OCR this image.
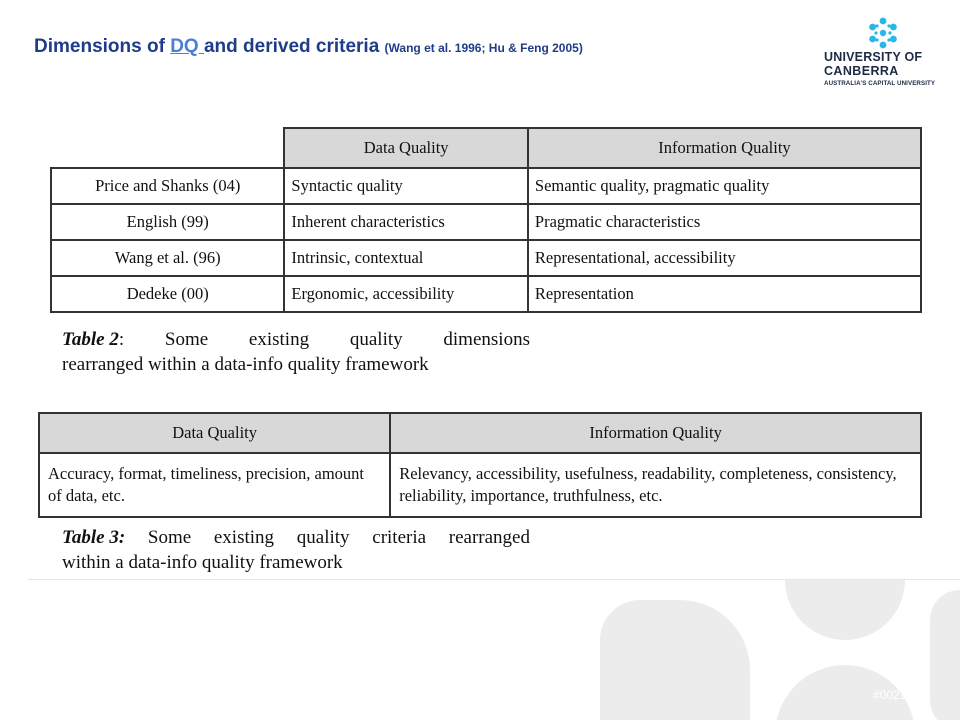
Dimensions of DQ and derived criteria (Wang et al. 1996; Hu & Feng 2005)
UNIVERSITY OF
CANBERRA
AUSTRALIA'S CAPITAL UNIVERSITY
	Data Quality	Information Quality
Price and Shanks (04)	Syntactic quality	Semantic quality, pragmatic quality
English (99)	Inherent characteristics	Pragmatic characteristics
Wang et al. (96)	Intrinsic, contextual	Representational, accessibility
Dedeke (00)	Ergonomic, accessibility	Representation
Table 2: Some existing quality dimensions
rearranged within a data-info quality framework
Data Quality	Information Quality
Accuracy, format, timeliness, precision, amount of data, etc.	Relevancy, accessibility, usefulness, readability, completeness, consistency, reliability, importance, truthfulness, etc.
Table 3: Some existing quality criteria rearranged
within a data-info quality framework
#00212K
